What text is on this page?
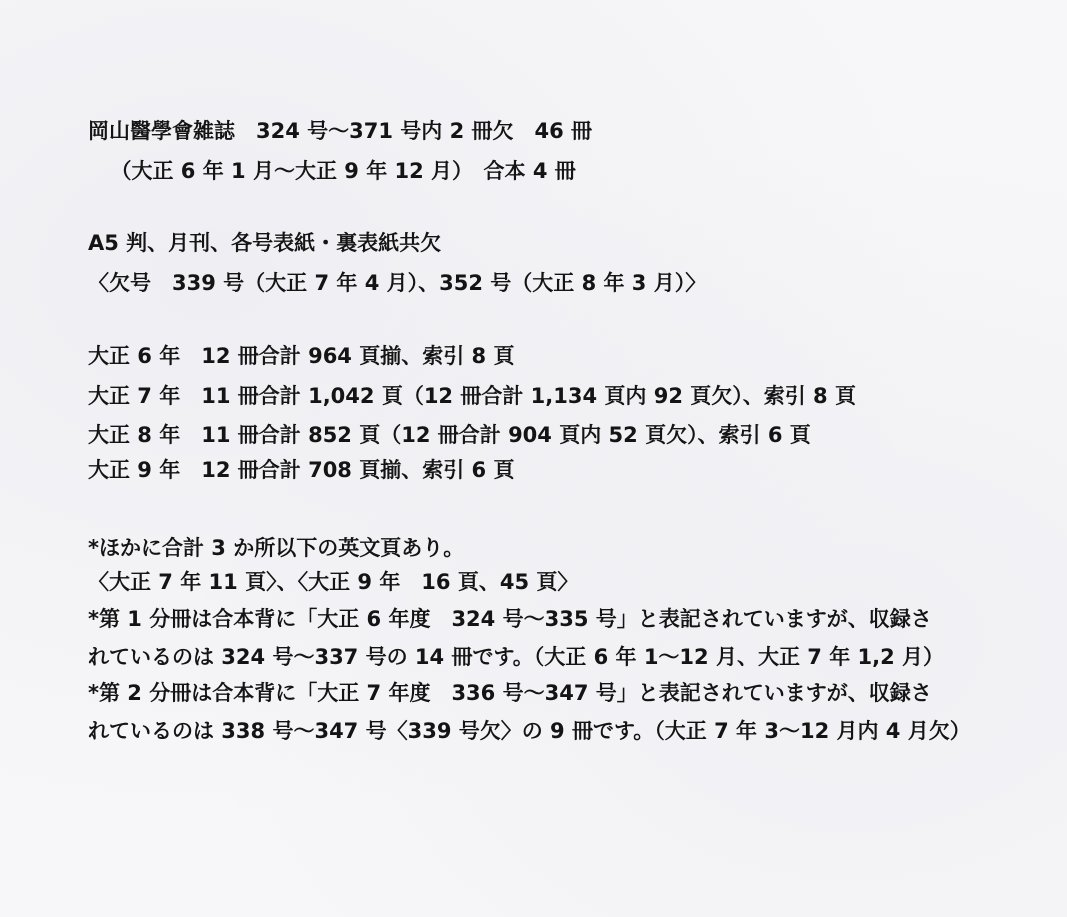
岡山醫學會雑誌　324 号～371 号内 2 冊欠　46 冊
　（大正 6 年 1 月～大正 9 年 12 月）　合本 4 冊
A5 判、月刊、各号表紙・裏表紙共欠
〈欠号　339 号（大正 7 年 4 月）、352 号（大正 8 年 3 月）〉
大正 6 年　12 冊合計 964 頁揃、索引 8 頁
大正 7 年　11 冊合計 1,042 頁（12 冊合計 1,134 頁内 92 頁欠）、索引 8 頁
大正 8 年　11 冊合計 852 頁（12 冊合計 904 頁内 52 頁欠）、索引 6 頁
大正 9 年　12 冊合計 708 頁揃、索引 6 頁
*ほかに合計 3 か所以下の英文頁あり。
〈大正 7 年 11 頁〉、〈大正 9 年　16 頁、45 頁〉
*第 1 分冊は合本背に「大正 6 年度　324 号～335 号」と表記されていますが、収録さ
れているのは 324 号～337 号の 14 冊です。（大正 6 年 1～12 月、大正 7 年 1,2 月）
*第 2 分冊は合本背に「大正 7 年度　336 号～347 号」と表記されていますが、収録さ
れているのは 338 号～347 号〈339 号欠〉の 9 冊です。（大正 7 年 3～12 月内 4 月欠）
